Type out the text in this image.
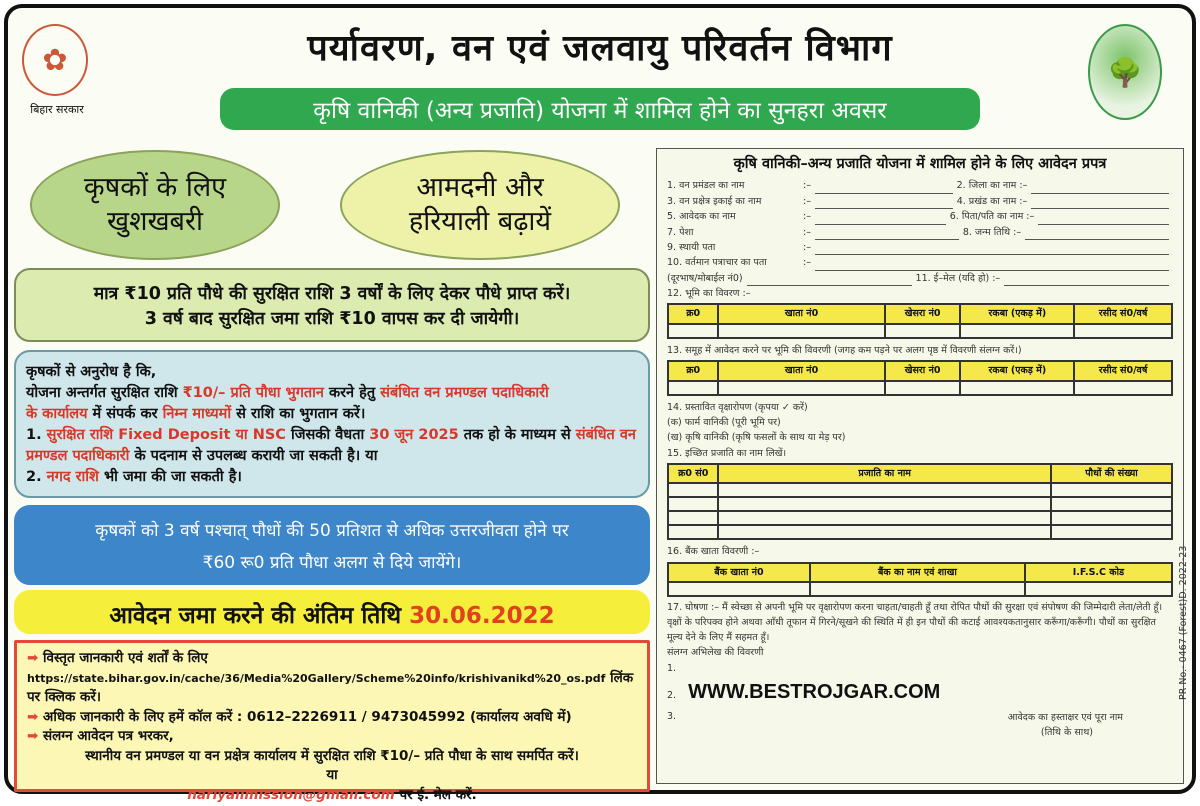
✿
बिहार सरकार
🌳
पर्यावरण, वन एवं जलवायु परिवर्तन विभाग
कृषि वानिकी (अन्य प्रजाति) योजना में शामिल होने का सुनहरा अवसर
कृषकों के लिए
खुशखबरी
आमदनी और
हरियाली बढ़ायें
मात्र ₹10 प्रति पौधे की सुरक्षित राशि 3 वर्षों के लिए देकर पौधे प्राप्त करें।
3 वर्ष बाद सुरक्षित जमा राशि ₹10 वापस कर दी जायेगी।
कृषकों से अनुरोध है कि,
योजना अन्तर्गत सुरक्षित राशि ₹10/– प्रति पौधा भुगतान करने हेतु संबंधित वन प्रमण्डल पदाधिकारी
के कार्यालय में संपर्क कर निम्न माध्यमों से राशि का भुगतान करें।
1. सुरक्षित राशि Fixed Deposit या NSC जिसकी वैधता 30 जून 2025 तक हो के माध्यम से संबंधित वन प्रमण्डल पदाधिकारी के पदनाम से उपलब्ध करायी जा सकती है। या
2. नगद राशि भी जमा की जा सकती है।
कृषकों को 3 वर्ष पश्चात् पौधों की 50 प्रतिशत से अधिक उत्तरजीवता होने पर
₹60 रू0 प्रति पौधा अलग से दिये जायेंगे।
आवेदन जमा करने की अंतिम तिथि 30.06.2022
➡ विस्तृत जानकारी एवं शर्तों के लिए https://state.bihar.gov.in/cache/36/Media%20Gallery/Scheme%20info/krishivanikd%20_os.pdf लिंक पर क्लिक करें।
➡ अधिक जानकारी के लिए हमें कॉल करें : 0612–2226911 / 9473045992 (कार्यालय अवधि में)
➡ संलग्न आवेदन पत्र भरकर,
स्थानीय वन प्रमण्डल या वन प्रक्षेत्र कार्यालय में सुरक्षित राशि ₹10/– प्रति पौधा के साथ समर्पित करें।
या
hariyalimission@gmail.com पर ई. मेल करें.
कृषि वानिकी–अन्य प्रजाति योजना में शामिल होने के लिए आवेदन प्रपत्र
1. वन प्रमंडल का नाम	:–	2. जिला का नाम :–
3. वन प्रक्षेत्र इकाई का नाम	:–	4. प्रखंड का नाम :–
5. आवेदक का नाम	:–	6. पिता/पति का नाम :–
7. पेशा	:–	8. जन्म तिथि :–
9. स्थायी पता	:–
10. वर्तमान पत्राचार का पता	:–
(दूरभाष/मोबाईल नं0)	11. ई–मेल (यदि हो) :–
12. भूमि का विवरण :–
क्र0	खाता नं0	खेसरा नं0	रकबा (एकड़ में)	रसीद सं0/वर्ष

13. समूह में आवेदन करने पर भूमि की विवरणी (जगह कम पड़ने पर अलग पृष्ठ में विवरणी संलग्न करें।)
क्र0	खाता नं0	खेसरा नं0	रकबा (एकड़ में)	रसीद सं0/वर्ष

14. प्रस्तावित वृक्षारोपण (कृपया ✓ करें)
(क) फार्म वानिकी (पूरी भूमि पर)
(ख) कृषि वानिकी (कृषि फसलों के साथ या मेड़ पर)
15. इच्छित प्रजाति का नाम लिखें।
क्र0 सं0	प्रजाति का नाम	पौधों की संख्या

16. बैंक खाता विवरणी :–
बैंक खाता नं0	बैंक का नाम एवं शाखा	I.F.S.C कोड

17. घोषणा :– मैं स्वेच्छा से अपनी भूमि पर वृक्षारोपण करना चाहता/चाहती हूँ तथा रोपित पौधों की सुरक्षा एवं संपोषण की जिम्मेदारी लेता/लेती हूँ। वृक्षों के परिपक्व होने अथवा आँधी तूफान में गिरने/सूखने की स्थिति में ही इन पौधों की कटाई आवश्यकतानुसार करूँगा/करूँगी। पौधों का सुरक्षित मूल्य देने के लिए मैं सहमत हूँ।
संलग्न अभिलेख की विवरणी
1.
2. WWW.BESTROJGAR.COM
3.	आवेदक का हस्ताक्षर एवं पूरा नाम
(तिथि के साथ)
PR No.- 0467 (Forest)D. 2022-23
